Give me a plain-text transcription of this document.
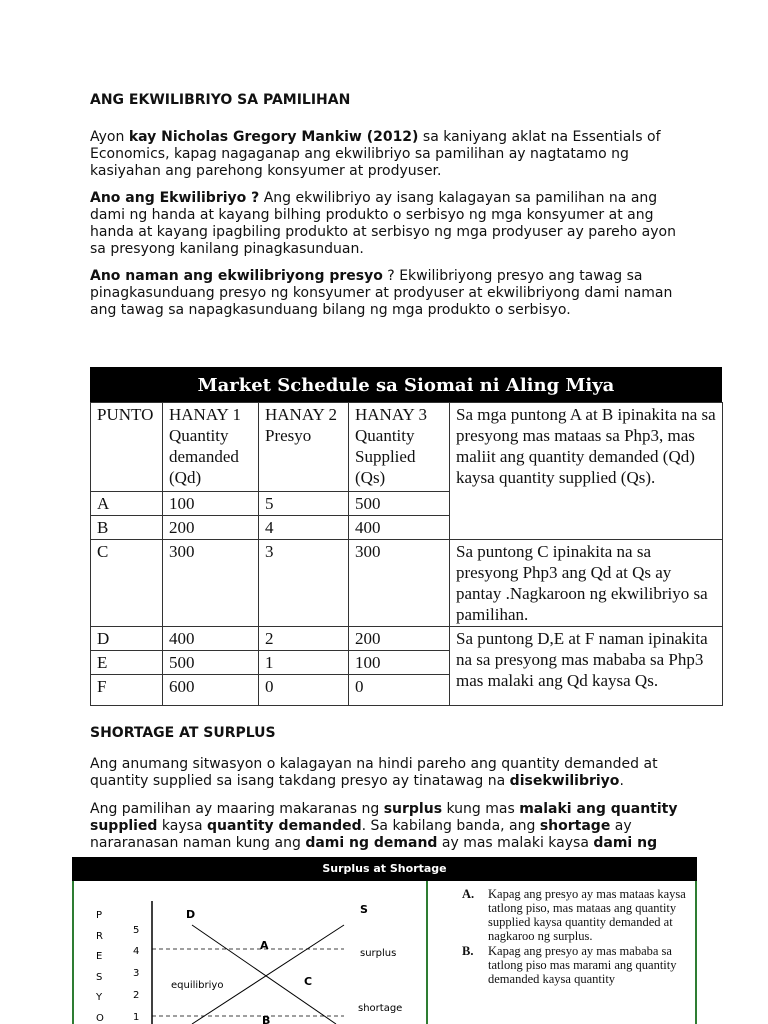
ANG EKWILIBRIYO SA PAMILIHAN

Ayon kay Nicholas Gregory Mankiw (2012) sa kaniyang aklat na Essentials of Economics, kapag nagaganap ang ekwilibriyo sa pamilihan ay nagtatamo ng kasiyahan ang parehong konsyumer at prodyuser.

Ano ang Ekwilibriyo ? Ang ekwilibriyo ay isang kalagayan sa pamilihan na ang dami ng handa at kayang bilhing produkto o serbisyo ng mga konsyumer at ang handa at kayang ipagbiling produkto at serbisyo ng mga prodyuser ay pareho ayon sa presyong kanilang pinagkasunduan.

Ano naman ang ekwilibriyong presyo ? Ekwilibriyong presyo ang tawag sa pinagkasunduang presyo ng konsyumer at prodyuser at ekwilibriyong dami naman ang tawag sa napagkasunduang bilang ng mga produkto o serbisyo.

Market Schedule sa Siomai ni Aling Miya
PUNTO	HANAY 1 Quantity demanded (Qd)	HANAY 2 Presyo	HANAY 3 Quantity Supplied (Qs)	Sa mga puntong A at B ipinakita na sa presyong mas mataas sa Php3, mas maliit ang quantity demanded (Qd) kaysa quantity supplied (Qs).
A	100	5	500	
B	200	4	400	
C	300	3	300	Sa puntong C ipinakita na sa presyong Php3 ang Qd at Qs ay pantay .Nagkaroon ng ekwilibriyo sa pamilihan.
D	400	2	200	Sa puntong D,E at F naman ipinakita na sa presyong mas mababa sa Php3 mas malaki ang Qd kaysa Qs.
E	500	1	100	
F	600	0	0	

SHORTAGE AT SURPLUS

Ang anumang sitwasyon o kalagayan na hindi pareho ang quantity demanded at quantity supplied sa isang takdang presyo ay tinatawag na disekwilibriyo.

Ang pamilihan ay maaring makaranas ng surplus kung mas malaki ang quantity supplied kaysa quantity demanded. Sa kabilang banda, ang shortage ay nararanasan naman kung ang dami ng demand ay mas malaki kaysa dami ng

Surplus at Shortage
P
R
E
S
Y
O
5
4
3
2
1
D	S
A
B
C
equilibriyo
surplus
shortage
A.	Kapag ang presyo ay mas mataas kaysa tatlong piso, mas mataas ang quantity supplied kaysa quantity demanded at nagkaroo ng surplus.
B.	Kapag ang presyo ay mas mababa sa tatlong piso mas marami ang quantity demanded kaysa quantity
